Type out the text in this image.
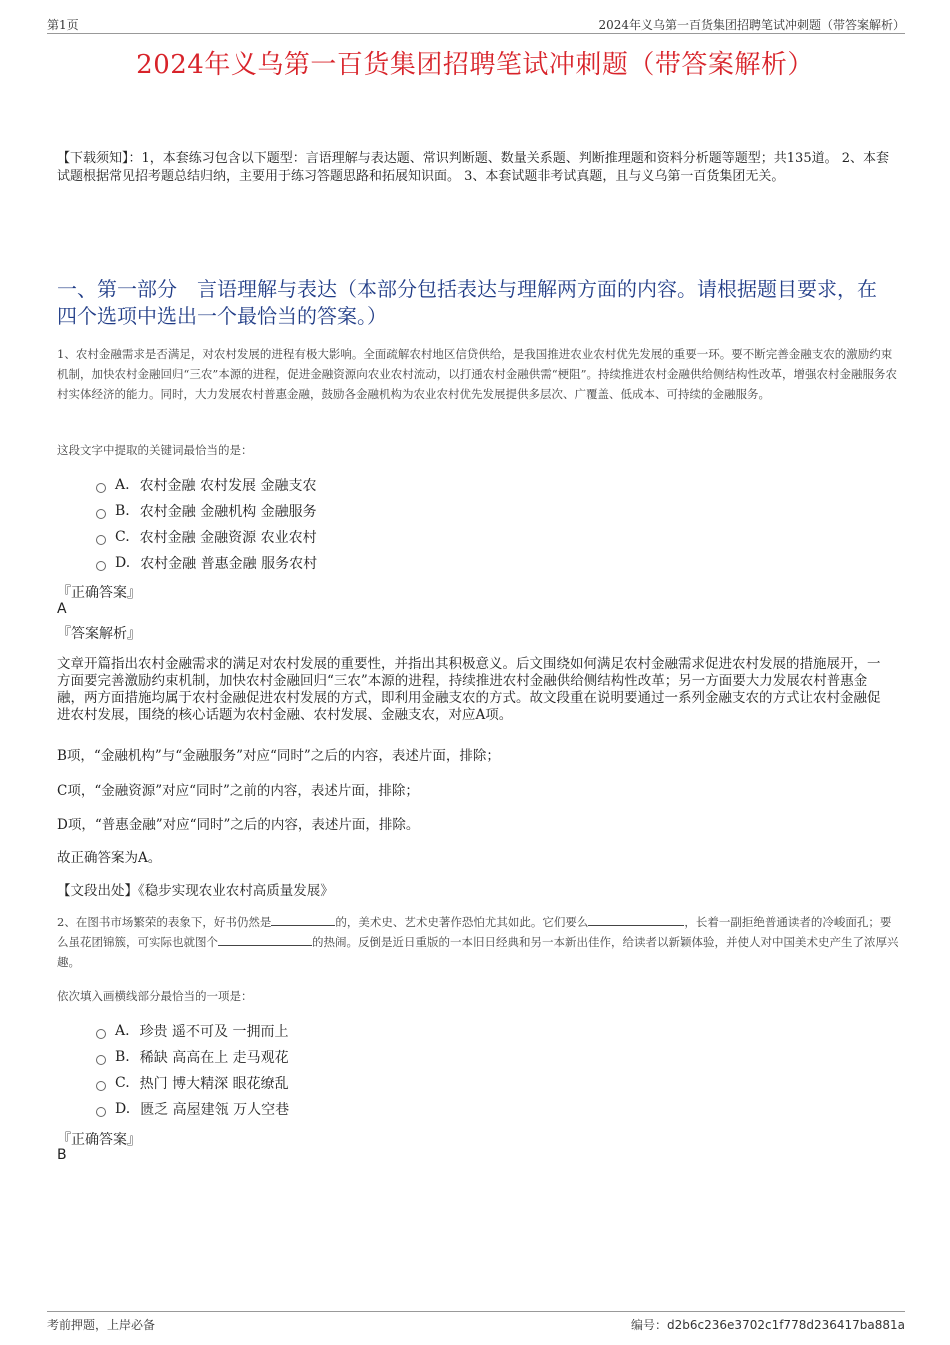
第1页	2024年义乌第一百货集团招聘笔试冲刺题（带答案解析）
2024年义乌第一百货集团招聘笔试冲刺题（带答案解析）
【下载须知】：1，本套练习包含以下题型：言语理解与表达题、常识判断题、数量关系题、判断推理题和资料分析题等题型；共135道。 2、本套试题根据常见招考题总结归纳，主要用于练习答题思路和拓展知识面。 3、本套试题非考试真题，且与义乌第一百货集团无关。
一、第一部分　言语理解与表达（本部分包括表达与理解两方面的内容。请根据题目要求，在四个选项中选出一个最恰当的答案。）
1、农村金融需求是否满足，对农村发展的进程有极大影响。全面疏解农村地区信贷供给，是我国推进农业农村优先发展的重要一环。要不断完善金融支农的激励约束机制，加快农村金融回归“三农”本源的进程，促进金融资源向农业农村流动，以打通农村金融供需“梗阻”。持续推进农村金融供给侧结构性改革，增强农村金融服务农村实体经济的能力。同时，大力发展农村普惠金融，鼓励各金融机构为农业农村优先发展提供多层次、广覆盖、低成本、可持续的金融服务。
这段文字中提取的关键词最恰当的是：
A. 农村金融 农村发展 金融支农
B. 农村金融 金融机构 金融服务
C. 农村金融 金融资源 农业农村
D. 农村金融 普惠金融 服务农村
『正确答案』
A
『答案解析』
文章开篇指出农村金融需求的满足对农村发展的重要性，并指出其积极意义。后文围绕如何满足农村金融需求促进农村发展的措施展开，一方面要完善激励约束机制，加快农村金融回归“三农”本源的进程，持续推进农村金融供给侧结构性改革；另一方面要大力发展农村普惠金融，两方面措施均属于农村金融促进农村发展的方式，即利用金融支农的方式。故文段重在说明要通过一系列金融支农的方式让农村金融促进农村发展，围绕的核心话题为农村金融、农村发展、金融支农，对应A项。
B项，“金融机构”与“金融服务”对应“同时”之后的内容，表述片面，排除；
C项，“金融资源”对应“同时”之前的内容，表述片面，排除；
D项，“普惠金融”对应“同时”之后的内容，表述片面，排除。
故正确答案为A。
【文段出处】《稳步实现农业农村高质量发展》
2、在图书市场繁荣的表象下，好书仍然是	的，美术史、艺术史著作恐怕尤其如此。它们要么	，长着一副拒绝普通读者的冷峻面孔；要么虽花团锦簇，可实际也就图个	的热闹。反倒是近日重版的一本旧日经典和另一本新出佳作，给读者以新颖体验，并使人对中国美术史产生了浓厚兴趣。
依次填入画横线部分最恰当的一项是：
A. 珍贵 遥不可及 一拥而上
B. 稀缺 高高在上 走马观花
C. 热门 博大精深 眼花缭乱
D. 匮乏 高屋建瓴 万人空巷
『正确答案』
B
考前押题，上岸必备	编号：d2b6c236e3702c1f778d236417ba881a
